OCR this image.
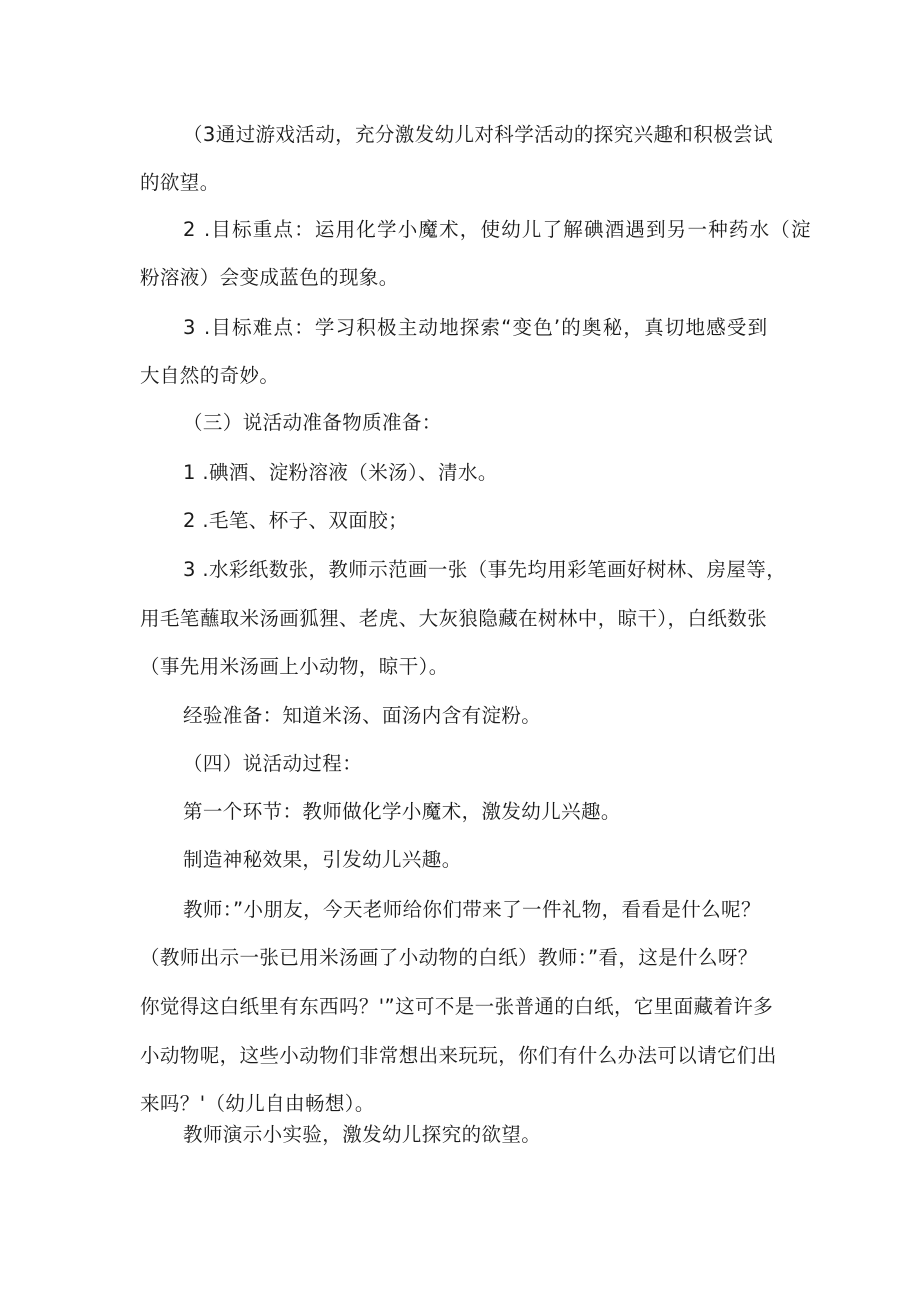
（3通过游戏活动，充分激发幼儿对科学活动的探究兴趣和积极尝试
的欲望。
2 .目标重点：运用化学小魔术，使幼儿了解碘酒遇到另一种药水（淀
粉溶液）会变成蓝色的现象。
3 .目标难点：学习积极主动地探索“变色’的奥秘，真切地感受到
大自然的奇妙。
（三）说活动准备物质准备：
1 .碘酒、淀粉溶液（米汤）、清水。
2 .毛笔、杯子、双面胶；
3 .水彩纸数张，教师示范画一张（事先均用彩笔画好树林、房屋等，
用毛笔蘸取米汤画狐狸、老虎、大灰狼隐藏在树林中，晾干），白纸数张
（事先用米汤画上小动物，晾干）。
经验准备：知道米汤、面汤内含有淀粉。
（四）说活动过程：
第一个环节：教师做化学小魔术，激发幼儿兴趣。
制造神秘效果，引发幼儿兴趣。
教师：”小朋友，今天老师给你们带来了一件礼物，看看是什么呢？
（教师出示一张已用米汤画了小动物的白纸）教师：”看，这是什么呀？
你觉得这白纸里有东西吗？'”这可不是一张普通的白纸，它里面藏着许多
小动物呢，这些小动物们非常想出来玩玩，你们有什么办法可以请它们出
来吗？'（幼儿自由畅想）。
教师演示小实验，激发幼儿探究的欲望。
